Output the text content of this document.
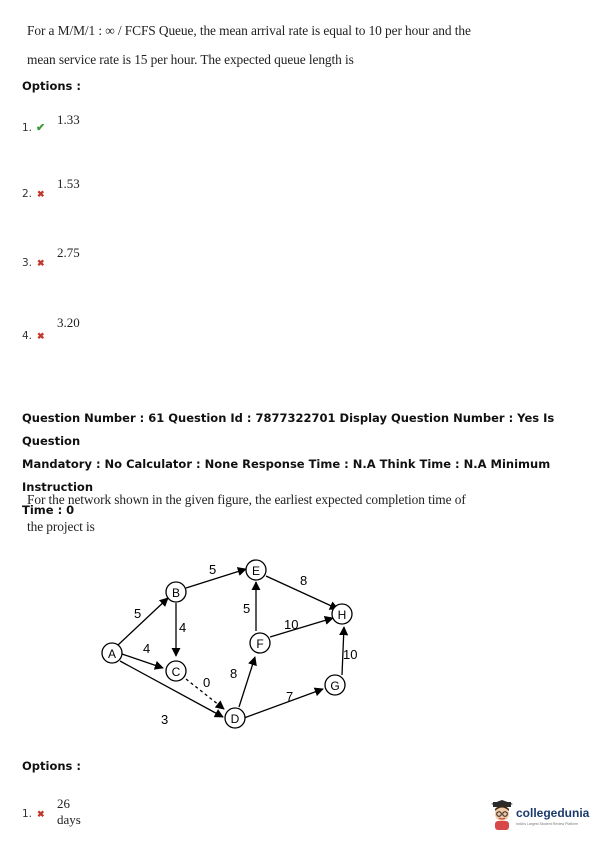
For a M/M/1 : ∞ / FCFS Queue, the mean arrival rate is equal to 10 per hour and the
mean service rate is 15 per hour. The expected queue length is
Options :
1.33
1. ✔
1.53
2. ✖
2.75
3. ✖
3.20
4. ✖
Question Number : 61 Question Id : 7877322701 Display Question Number : Yes Is Question
Mandatory : No Calculator : None Response Time : N.A Think Time : N.A Minimum Instruction
Time : 0
For the network shown in the given figure, the earliest expected completion time of
the project is
5
4
3
4
5
0
5
8
8
10
7
10
A
B
C
D
E
F
G
H
Options :
26 days
1. ✖	collegedunia
India's Largest Student Review Platform
